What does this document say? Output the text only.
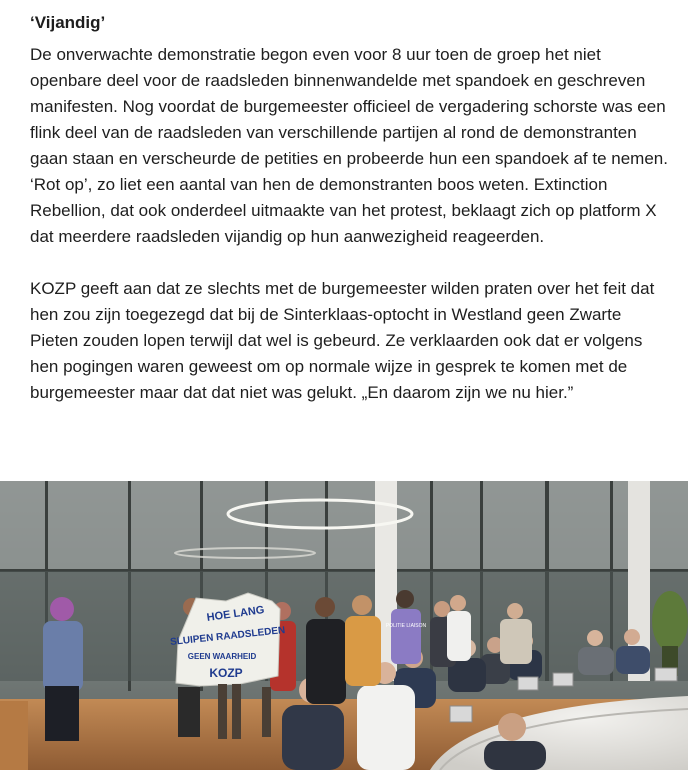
‘Vijandig’

De onverwachte demonstratie begon even voor 8 uur toen de groep het niet openbare deel voor de raadsleden binnenwandelde met spandoek en geschreven manifesten. Nog voordat de burgemeester officieel de vergadering schorste was een flink deel van de raadsleden van verschillende partijen al rond de demonstranten gaan staan en verscheurde de petities en probeerde hun een spandoek af te nemen. ‘Rot op’, zo liet een aantal van hen de demonstranten boos weten. Extinction Rebellion, dat ook onderdeel uitmaakte van het protest, beklaagt zich op platform X dat meerdere raadsleden vijandig op hun aanwezigheid reageerden.

KOZP geeft aan dat ze slechts met de burgemeester wilden praten over het feit dat hen zou zijn toegezegd dat bij de Sinterklaas-optocht in Westland geen Zwarte Pieten zouden lopen terwijl dat wel is gebeurd. Ze verklaarden ook dat er volgens hen pogingen waren geweest om op normale wijze in gesprek te komen met de burgemeester maar dat dat niet was gelukt. „En daarom zijn we nu hier.”

POLITIE LIAISON
HOE LANG
SLUIPEN RAADSLEDEN
GEEN WAARHEID
KOZP
